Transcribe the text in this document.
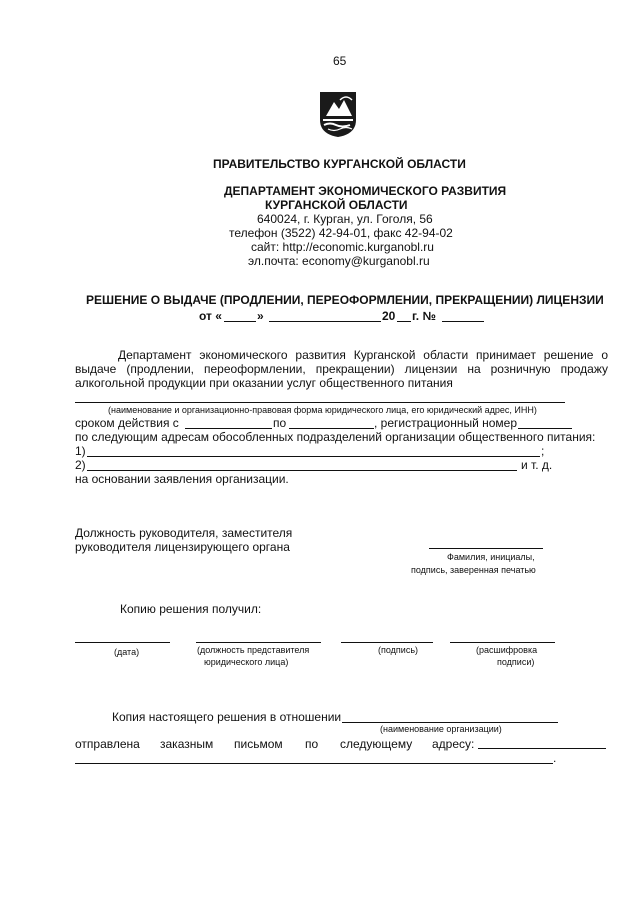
65
ПРАВИТЕЛЬСТВО КУРГАНСКОЙ ОБЛАСТИ
ДЕПАРТАМЕНТ ЭКОНОМИЧЕСКОГО РАЗВИТИЯ
КУРГАНСКОЙ ОБЛАСТИ
640024, г. Курган, ул. Гоголя, 56
телефон (3522) 42-94-01, факс 42-94-02
сайт: http://economic.kurganobl.ru
эл.почта: economy@kurganobl.ru
РЕШЕНИЕ О ВЫДАЧЕ (ПРОДЛЕНИИ, ПЕРЕОФОРМЛЕНИИ, ПРЕКРАЩЕНИИ) ЛИЦЕНЗИИ
от «	»	20 г. №
Департамент экономического развития Курганской области принимает решение о
выдаче (продлении, переоформлении, прекращении) лицензии на розничную продажу
алкогольной продукции при оказании услуг общественного питания
(наименование и организационно-правовая форма юридического лица, его юридический адрес, ИНН)
сроком действия с	по	, регистрационный номер
по следующим адресам обособленных подразделений организации общественного питания:
1)	;
2)	и т. д.
на основании заявления организации.
Должность руководителя, заместителя
руководителя лицензирующего органа
Фамилия, инициалы,
подпись, заверенная печатью
Копию решения получил:
(дата)	(должность представителя
юридического лица)
(подпись)	(расшифровка
подписи)
Копия настоящего решения в отношении
(наименование организации)
отправлена заказным письмом по следующему адресу:
.
